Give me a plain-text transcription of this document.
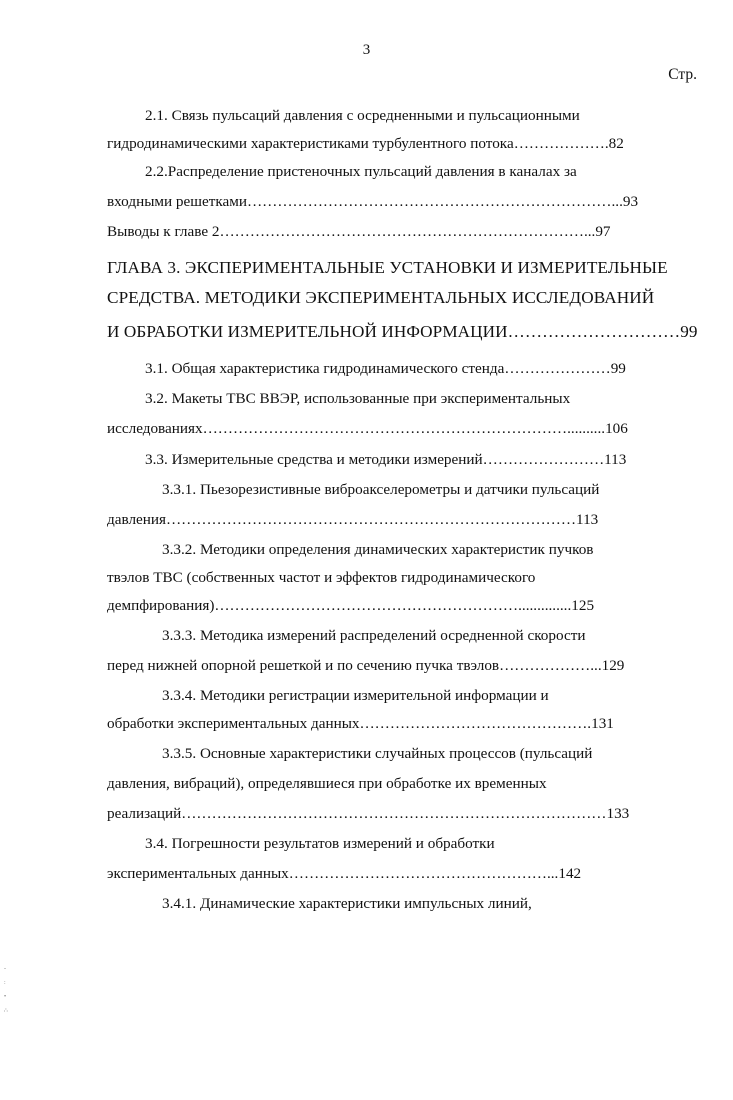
3
Стр.
2.1. Связь пульсаций давления с осредненными и пульсационными
гидродинамическими характеристиками турбулентного потока……………….82
2.2.Распределение пристеночных пульсаций давления в каналах за
входными решетками………………………………………………………………...93
Выводы к главе 2………………………………………………………………...97
ГЛАВА 3. ЭКСПЕРИМЕНТАЛЬНЫЕ УСТАНОВКИ И ИЗМЕРИТЕЛЬНЫЕ
СРЕДСТВА. МЕТОДИКИ ЭКСПЕРИМЕНТАЛЬНЫХ ИССЛЕДОВАНИЙ
И ОБРАБОТКИ ИЗМЕРИТЕЛЬНОЙ ИНФОРМАЦИИ…………………………99
3.1. Общая характеристика гидродинамического стенда…………………99
3.2. Макеты ТВС ВВЭР, использованные при экспериментальных
исследованиях………………………………………………………………..........106
3.3. Измерительные средства и методики измерений……………………113
3.3.1. Пьезорезистивные виброакселерометры и датчики пульсаций
давления………………………………………………………………………113
3.3.2. Методики определения динамических характеристик пучков
твэлов ТВС (собственных частот и эффектов гидродинамического
демпфирования)……………………………………………………..............125
3.3.3. Методика измерений распределений осредненной скорости
перед нижней опорной решеткой и по сечению пучка твэлов………………...129
3.3.4. Методики регистрации измерительной информации и
обработки экспериментальных данных……………………………………….131
3.3.5. Основные характеристики случайных процессов (пульсаций
давления, вибраций), определявшиеся при обработке их временных
реализаций…………………………………………………………………………133
3.4. Погрешности результатов измерений и обработки
экспериментальных данных……………………………………………...142
3.4.1. Динамические характеристики импульсных линий,
-
:
•
∴
